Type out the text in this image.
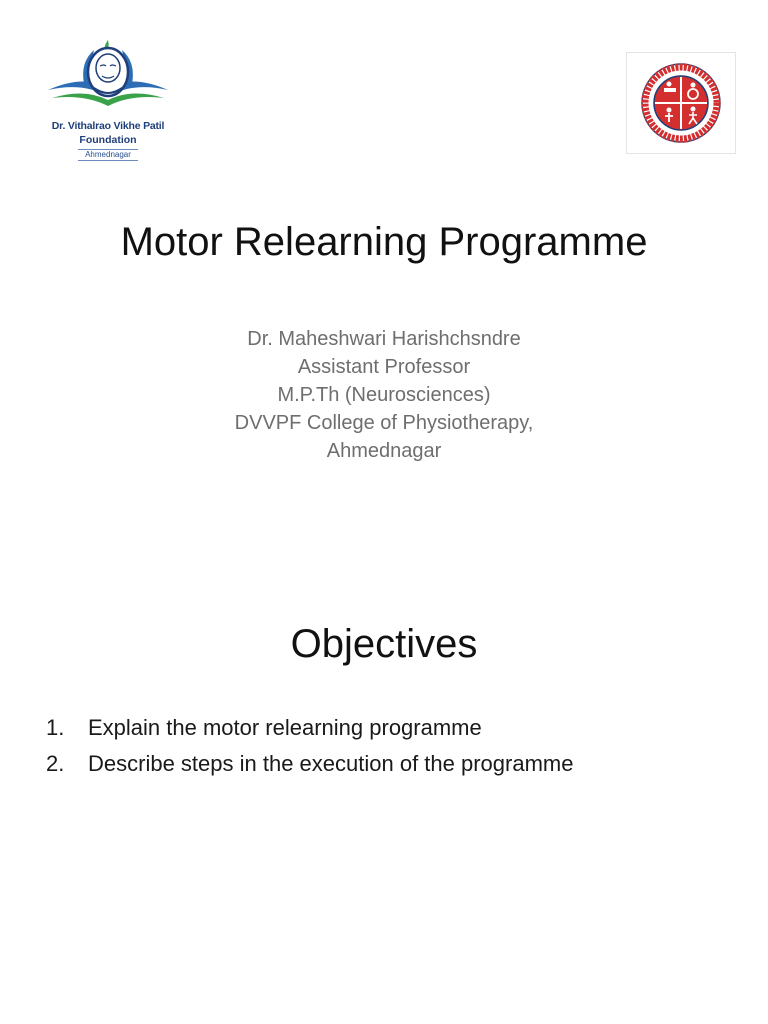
Dr. Vithalrao Vikhe Patil
Foundation
Ahmednagar
Motor Relearning Programme
Dr. Maheshwari Harishchsndre
Assistant Professor
M.P.Th (Neurosciences)
DVVPF College of Physiotherapy,
Ahmednagar
Objectives
1.	Explain the motor relearning programme
2.	Describe steps in the execution of the programme
